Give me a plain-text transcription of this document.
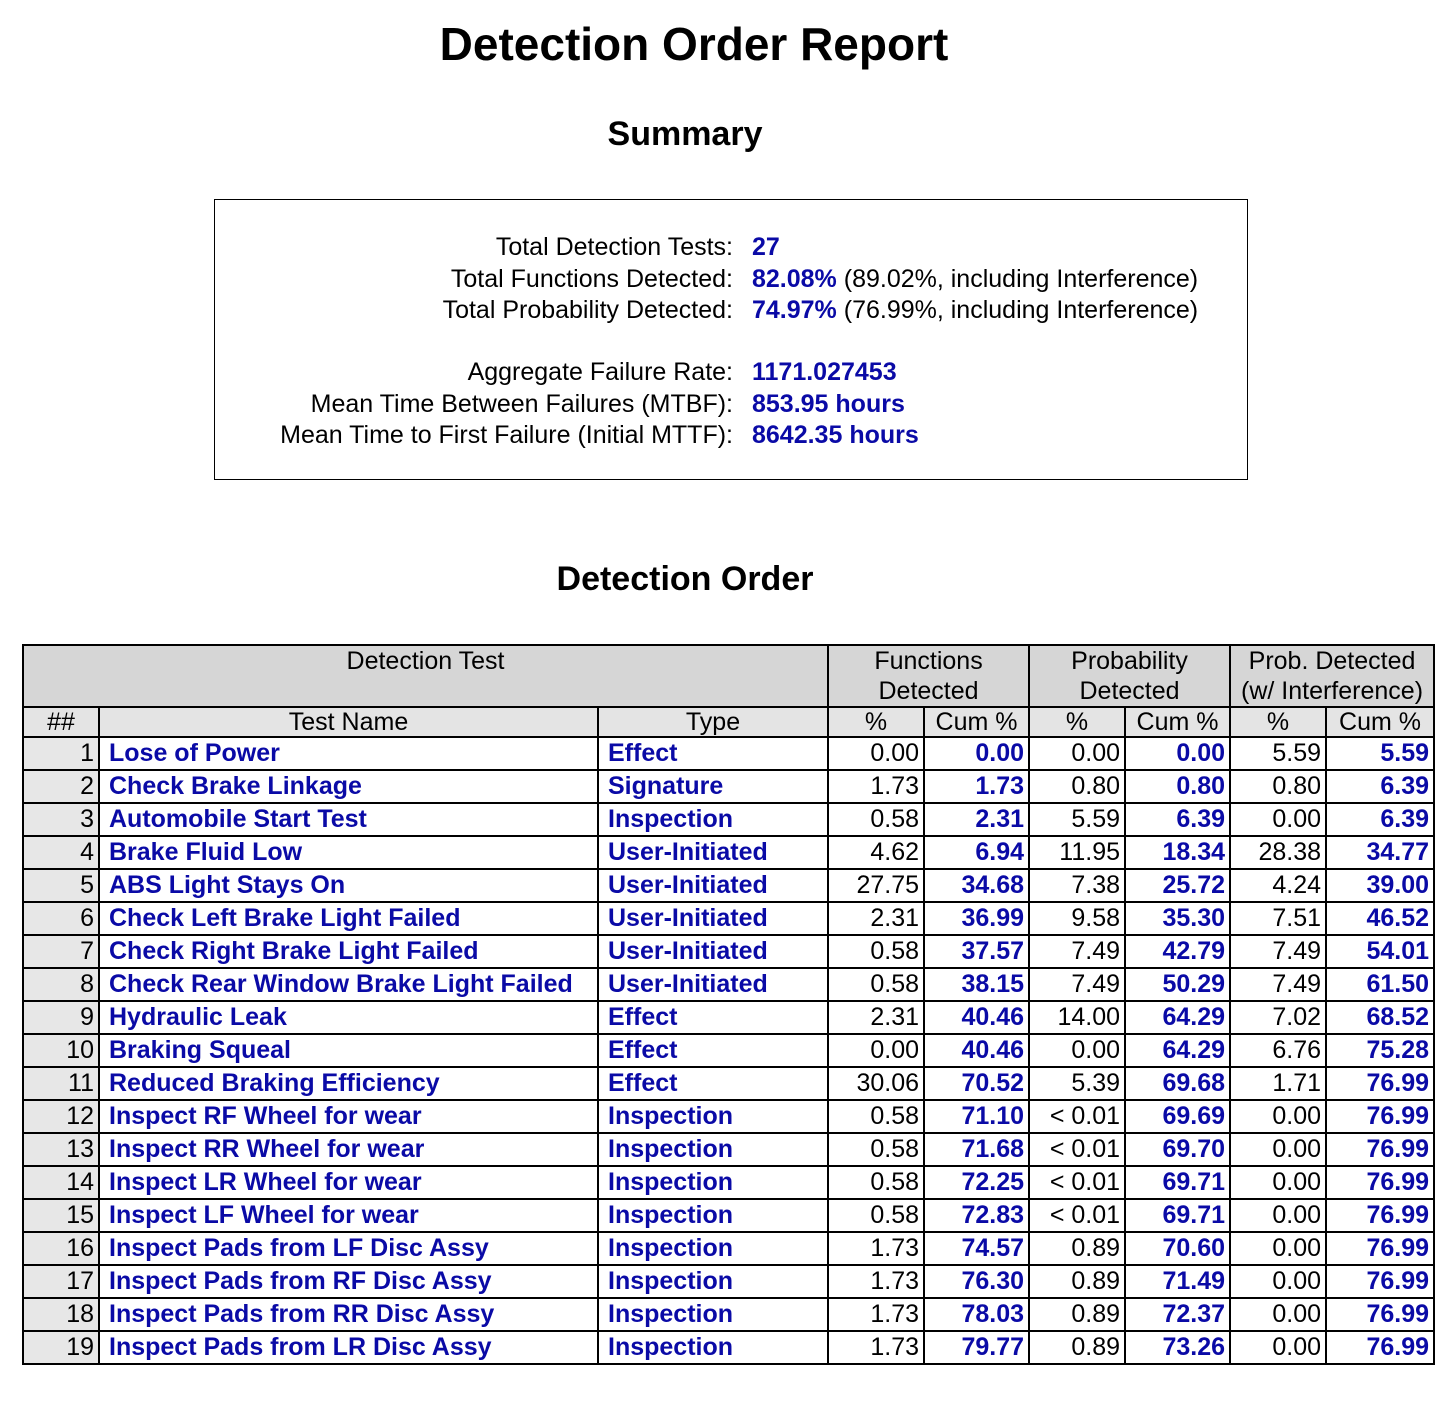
Detection Order Report
Summary
Total Detection Tests: 27
Total Functions Detected: 82.08% (89.02%, including Interference)
Total Probability Detected: 74.97% (76.99%, including Interference)
Aggregate Failure Rate: 1171.027453
Mean Time Between Failures (MTBF): 853.95 hours
Mean Time to First Failure (Initial MTTF): 8642.35 hours
Detection Order
Detection Test			Functions Detected		Probability Detected		Prob. Detected (w/ Interference)	
##	Test Name	Type	%	Cum %	%	Cum %	%	Cum %
1	Lose of Power	Effect	0.00	0.00	0.00	0.00	5.59	5.59
2	Check Brake Linkage	Signature	1.73	1.73	0.80	0.80	0.80	6.39
3	Automobile Start Test	Inspection	0.58	2.31	5.59	6.39	0.00	6.39
4	Brake Fluid Low	User-Initiated	4.62	6.94	11.95	18.34	28.38	34.77
5	ABS Light Stays On	User-Initiated	27.75	34.68	7.38	25.72	4.24	39.00
6	Check Left Brake Light Failed	User-Initiated	2.31	36.99	9.58	35.30	7.51	46.52
7	Check Right Brake Light Failed	User-Initiated	0.58	37.57	7.49	42.79	7.49	54.01
8	Check Rear Window Brake Light Failed	User-Initiated	0.58	38.15	7.49	50.29	7.49	61.50
9	Hydraulic Leak	Effect	2.31	40.46	14.00	64.29	7.02	68.52
10	Braking Squeal	Effect	0.00	40.46	0.00	64.29	6.76	75.28
11	Reduced Braking Efficiency	Effect	30.06	70.52	5.39	69.68	1.71	76.99
12	Inspect RF Wheel for wear	Inspection	0.58	71.10	< 0.01	69.69	0.00	76.99
13	Inspect RR Wheel for wear	Inspection	0.58	71.68	< 0.01	69.70	0.00	76.99
14	Inspect LR Wheel for wear	Inspection	0.58	72.25	< 0.01	69.71	0.00	76.99
15	Inspect LF Wheel for wear	Inspection	0.58	72.83	< 0.01	69.71	0.00	76.99
16	Inspect Pads from LF Disc Assy	Inspection	1.73	74.57	0.89	70.60	0.00	76.99
17	Inspect Pads from RF Disc Assy	Inspection	1.73	76.30	0.89	71.49	0.00	76.99
18	Inspect Pads from RR Disc Assy	Inspection	1.73	78.03	0.89	72.37	0.00	76.99
19	Inspect Pads from LR Disc Assy	Inspection	1.73	79.77	0.89	73.26	0.00	76.99
